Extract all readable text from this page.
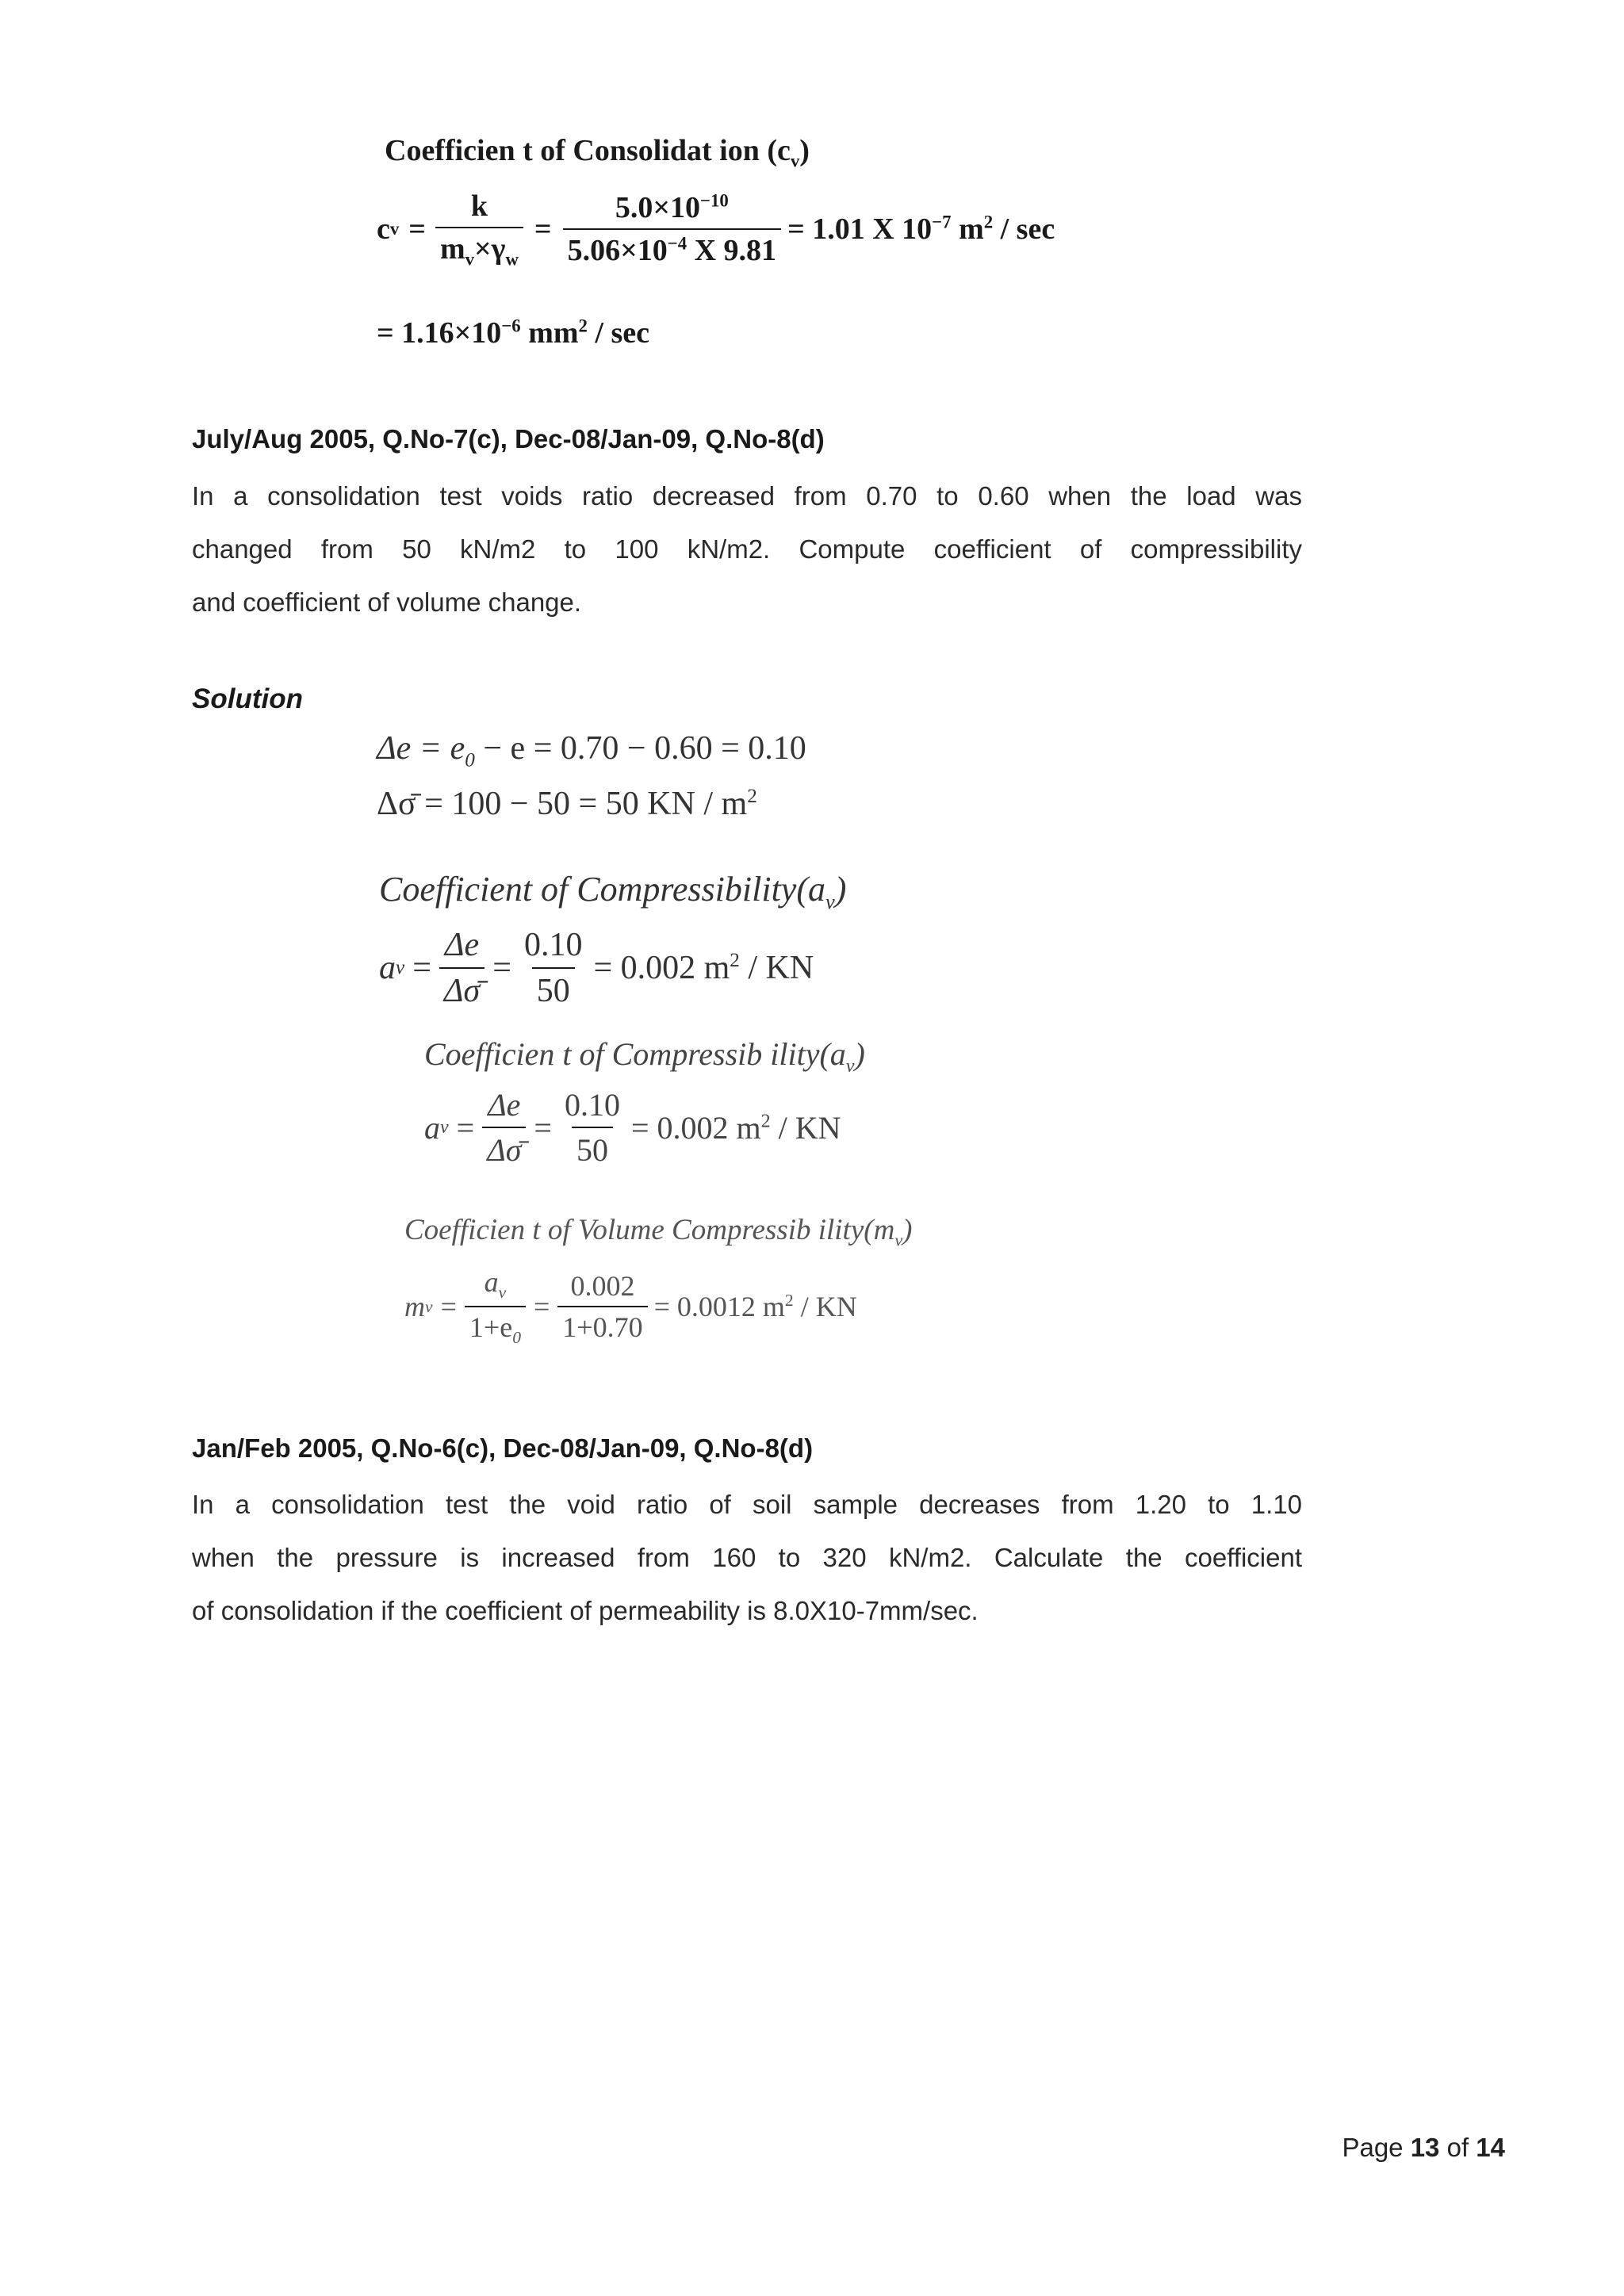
Coefficien t of Consolidat ion $(c_v)$
c $v = \frac{k}{m_v\times\gamma_w} = \frac{5.0\times 10^{-10}}{5.06\times 10^{-4} X 9.81} = 1.01$ X $10^{-7}$ $m^2$ / sec
= $1.16\times 10^{-6}$ $mm^2$ / sec
July/Aug 2005, Q.No-7(c), Dec-08/Jan-09, Q.No-8(d)
In a consolidation test voids ratio decreased from 0.70 to 0.60 when the load was
changed from 50 kN/m2 to 100 kN/m2. Compute coefficient of compressibility
and coefficient of volume change.
Solution
$\Delta e = e_0 - e = 0.70 - 0.60 = 0.10$
Δσ̄ = 100 − 50 = 50 KN / $m^2$
Coefficient of $Compressibility(a_v)$
a $v = \frac{\Delta e}{\Delta\sigmā} = \frac{0.10}{50} = 0.002$ $m^2$ / KN
Coefficien t of Compressib $ility(a_v)$
a $v = \frac{\Delta e}{\Delta\sigmā} = \frac{0.10}{50} = 0.002$ $m^2$ / KN
Coefficien t of Volume Compressib $ility(m_v)$
m $v = \frac{a_v}{1+e_0} = \frac{0.002}{1+0.70} = 0.0012$ $m^2$ / KN
Jan/Feb 2005, Q.No-6(c), Dec-08/Jan-09, Q.No-8(d)
In a consolidation test the void ratio of soil sample decreases from 1.20 to 1.10
when the pressure is increased from 160 to 320 kN/m2. Calculate the coefficient
of consolidation if the coefficient of permeability is 8.0X10-7mm/sec.
Page 13 of 14
